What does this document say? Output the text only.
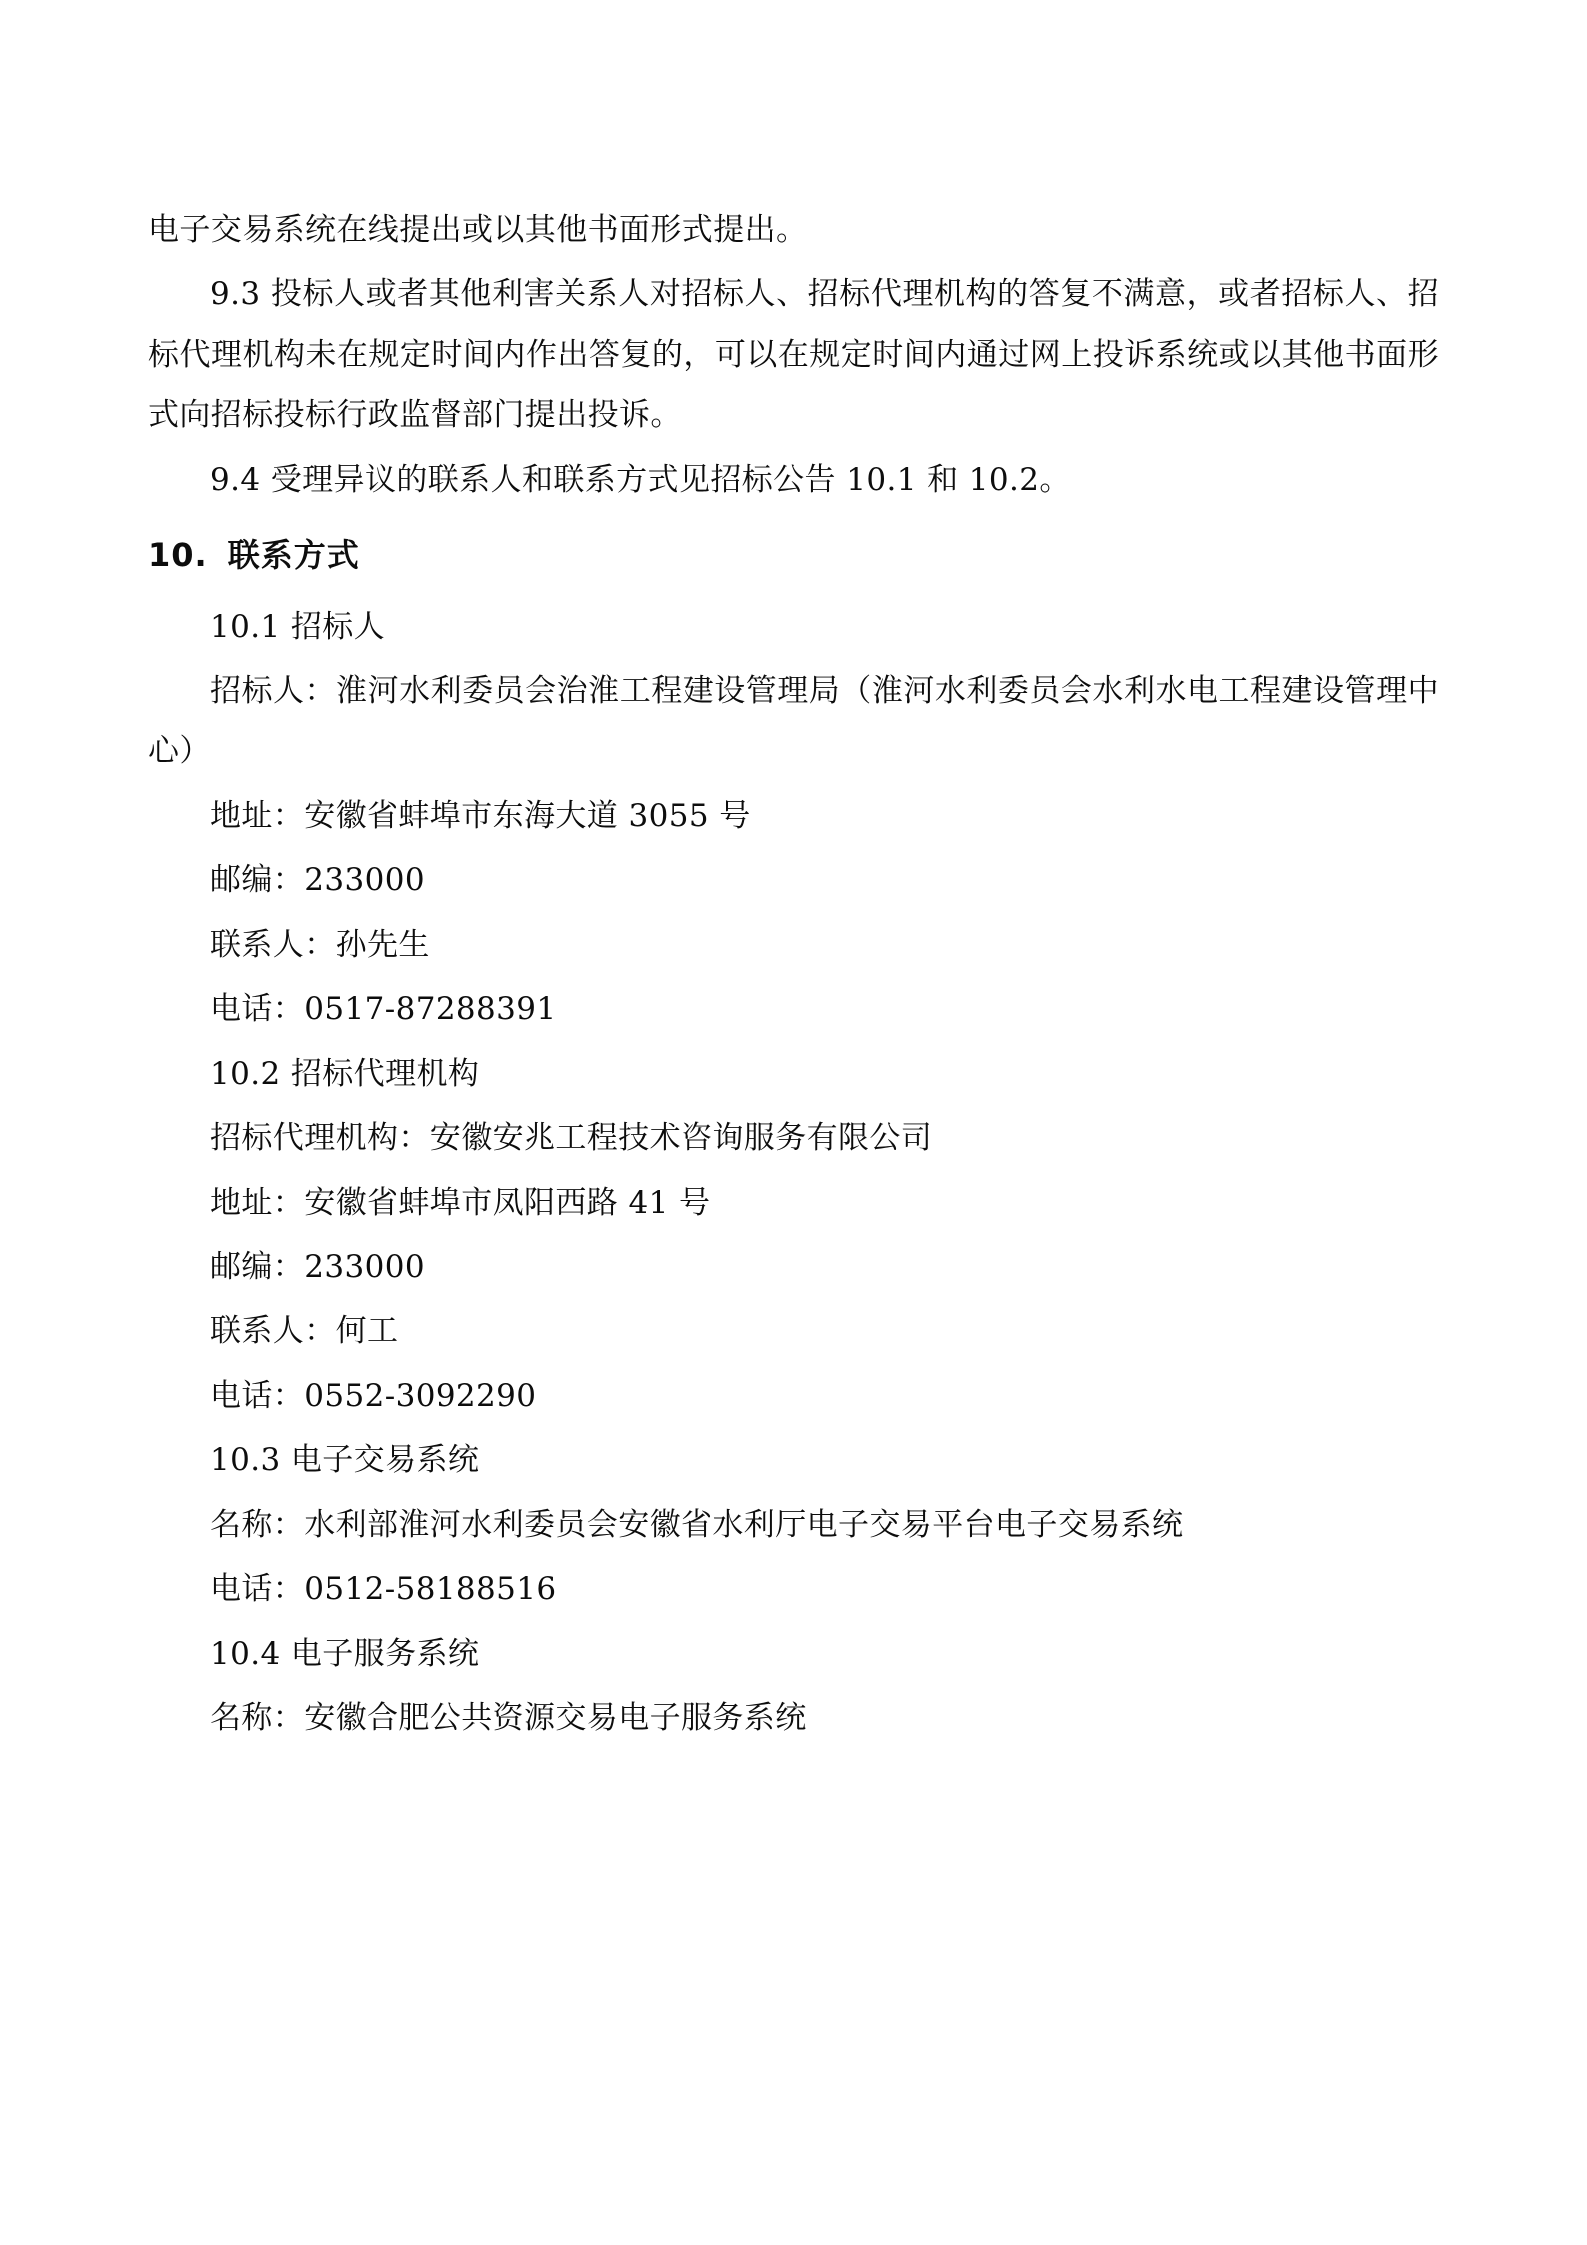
电子交易系统在线提出或以其他书面形式提出。

9.3 投标人或者其他利害关系人对招标人、招标代理机构的答复不满意，或者招标人、招标代理机构未在规定时间内作出答复的，可以在规定时间内通过网上投诉系统或以其他书面形式向招标投标行政监督部门提出投诉。

9.4 受理异议的联系人和联系方式见招标公告 10.1 和 10.2。

10. 联系方式

10.1 招标人

招标人：淮河水利委员会治淮工程建设管理局（淮河水利委员会水利水电工程建设管理中心）

地址：安徽省蚌埠市东海大道 3055 号

邮编：233000

联系人：孙先生

电话：0517-87288391

10.2 招标代理机构

招标代理机构：安徽安兆工程技术咨询服务有限公司

地址：安徽省蚌埠市凤阳西路 41 号

邮编：233000

联系人：何工

电话：0552-3092290

10.3 电子交易系统

名称：水利部淮河水利委员会安徽省水利厅电子交易平台电子交易系统

电话：0512-58188516

10.4 电子服务系统

名称：安徽合肥公共资源交易电子服务系统
